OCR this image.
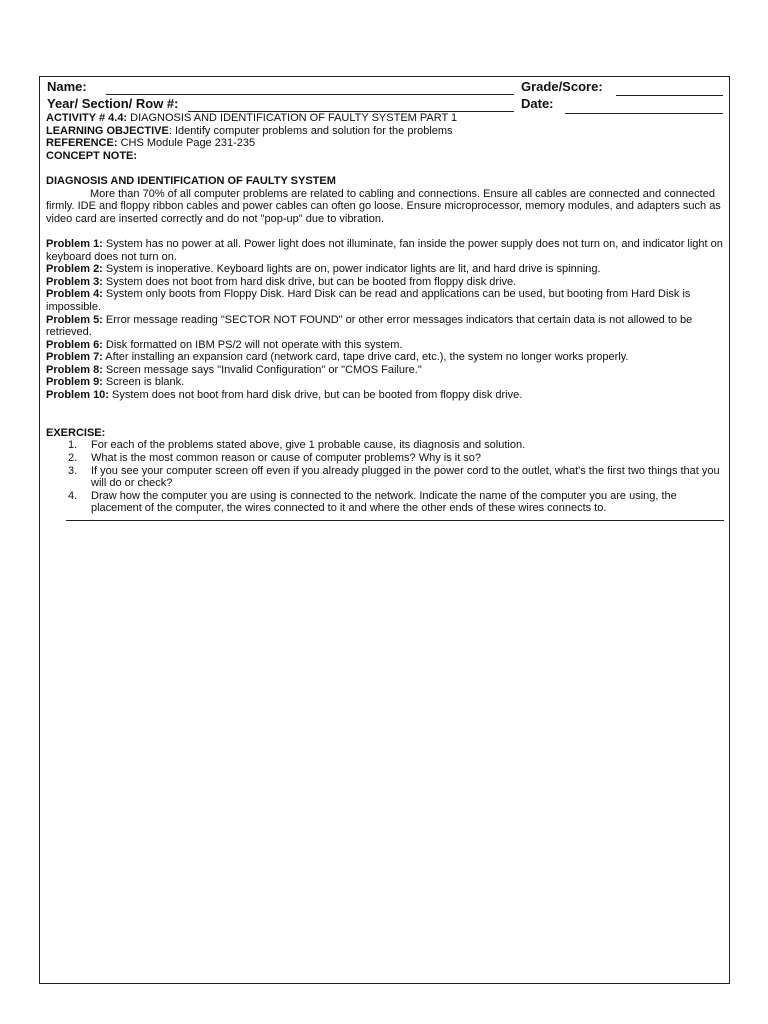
Name:	Grade/Score:
Year/ Section/ Row #:	Date:

ACTIVITY # 4.4: DIAGNOSIS AND IDENTIFICATION OF FAULTY SYSTEM PART 1

LEARNING OBJECTIVE: Identify computer problems and solution for the problems

REFERENCE: CHS Module Page 231-235

CONCEPT NOTE:

DIAGNOSIS AND IDENTIFICATION OF FAULTY SYSTEM

More than 70% of all computer problems are related to cabling and connections. Ensure all cables are connected and connected firmly. IDE and floppy ribbon cables and power cables can often go loose. Ensure microprocessor, memory modules, and adapters such as video card are inserted correctly and do not "pop-up" due to vibration.

Problem 1: System has no power at all. Power light does not illuminate, fan inside the power supply does not turn on, and indicator light on keyboard does not turn on.

Problem 2: System is inoperative. Keyboard lights are on, power indicator lights are lit, and hard drive is spinning.

Problem 3: System does not boot from hard disk drive, but can be booted from floppy disk drive.

Problem 4: System only boots from Floppy Disk. Hard Disk can be read and applications can be used, but booting from Hard Disk is impossible.

Problem 5: Error message reading "SECTOR NOT FOUND" or other error messages indicators that certain data is not allowed to be retrieved.

Problem 6: Disk formatted on IBM PS/2 will not operate with this system.

Problem 7: After installing an expansion card (network card, tape drive card, etc.), the system no longer works properly.

Problem 8: Screen message says "Invalid Configuration" or "CMOS Failure."

Problem 9: Screen is blank.

Problem 10: System does not boot from hard disk drive, but can be booted from floppy disk drive.

EXERCISE:

1. For each of the problems stated above, give 1 probable cause, its diagnosis and solution.
2. What is the most common reason or cause of computer problems? Why is it so?
3. If you see your computer screen off even if you already plugged in the power cord to the outlet, what's the first two things that you will do or check?
4. Draw how the computer you are using is connected to the network. Indicate the name of the computer you are using, the placement of the computer, the wires connected to it and where the other ends of these wires connects to.
